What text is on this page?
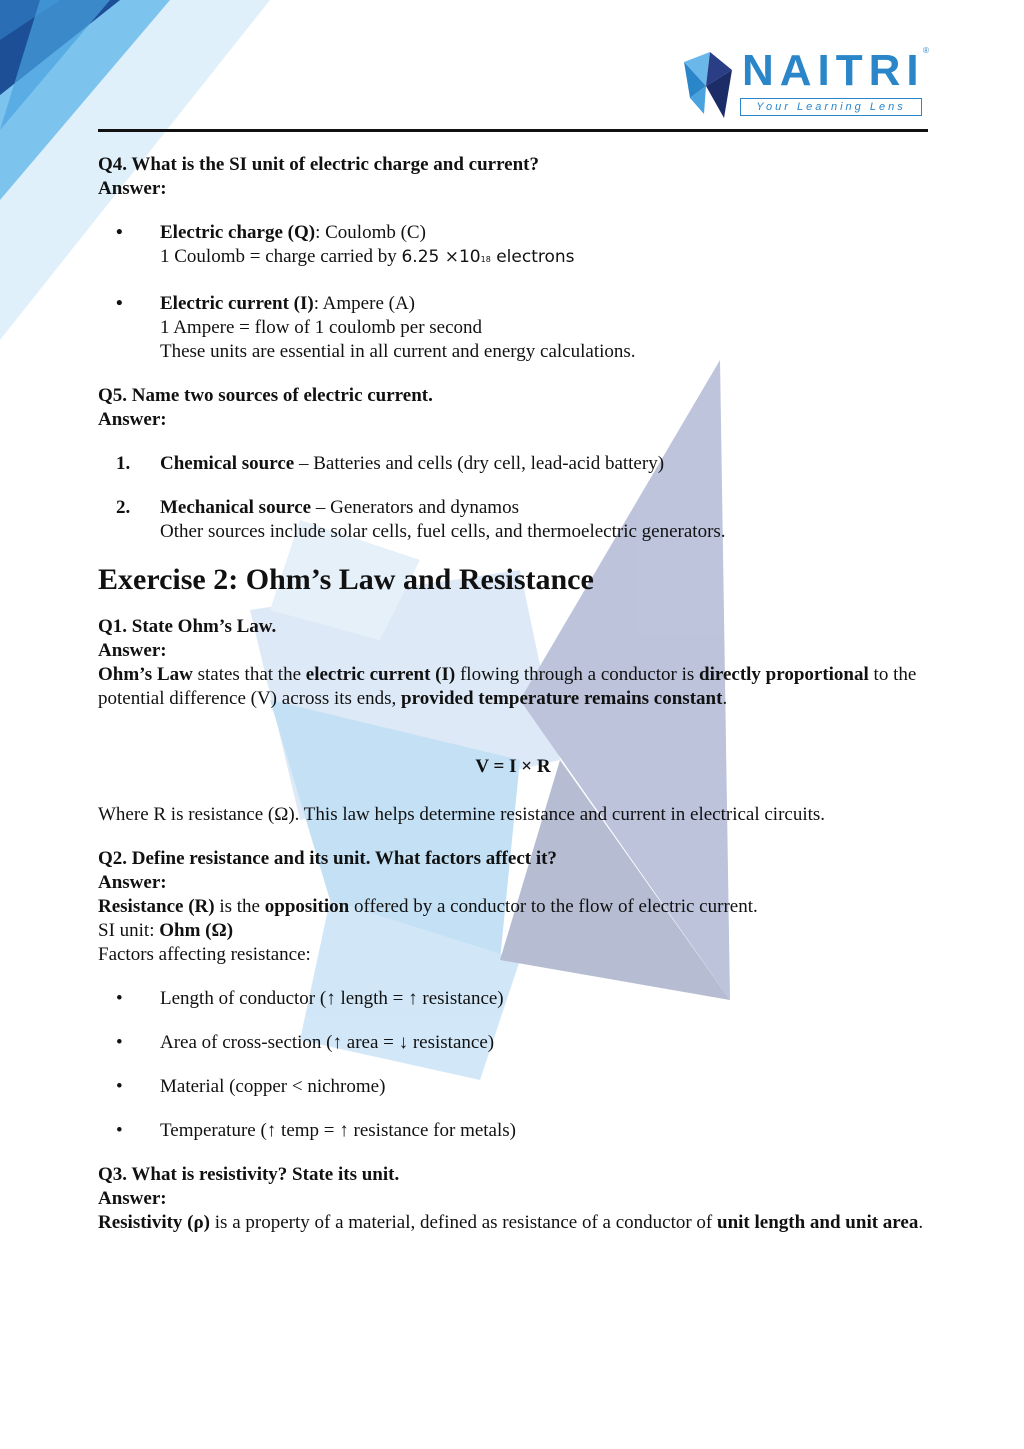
NAITRI
®
Your Learning Lens

Q4. What is the SI unit of electric charge and current?

Answer:

• Electric charge (Q): Coulomb (C)

1 Coulomb = charge carried by 6.25 ×1018 electrons

• Electric current (I): Ampere (A)

1 Ampere = flow of 1 coulomb per second

These units are essential in all current and energy calculations.

Q5. Name two sources of electric current.

Answer:

1. Chemical source – Batteries and cells (dry cell, lead-acid battery)

2. Mechanical source – Generators and dynamos

Other sources include solar cells, fuel cells, and thermoelectric generators.

Exercise 2: Ohm’s Law and Resistance

Q1. State Ohm’s Law.

Answer:

Ohm’s Law states that the electric current (I) flowing through a conductor is directly proportional to the potential difference (V) across its ends, provided temperature remains constant.

V = I × R

Where R is resistance (Ω). This law helps determine resistance and current in electrical circuits.

Q2. Define resistance and its unit. What factors affect it?

Answer:

Resistance (R) is the opposition offered by a conductor to the flow of electric current.

SI unit: Ohm (Ω)

Factors affecting resistance:

• Length of conductor (↑ length = ↑ resistance)

• Area of cross-section (↑ area = ↓ resistance)

• Material (copper < nichrome)

• Temperature (↑ temp = ↑ resistance for metals)

Q3. What is resistivity? State its unit.

Answer:

Resistivity (ρ) is a property of a material, defined as resistance of a conductor of unit length and unit area.
